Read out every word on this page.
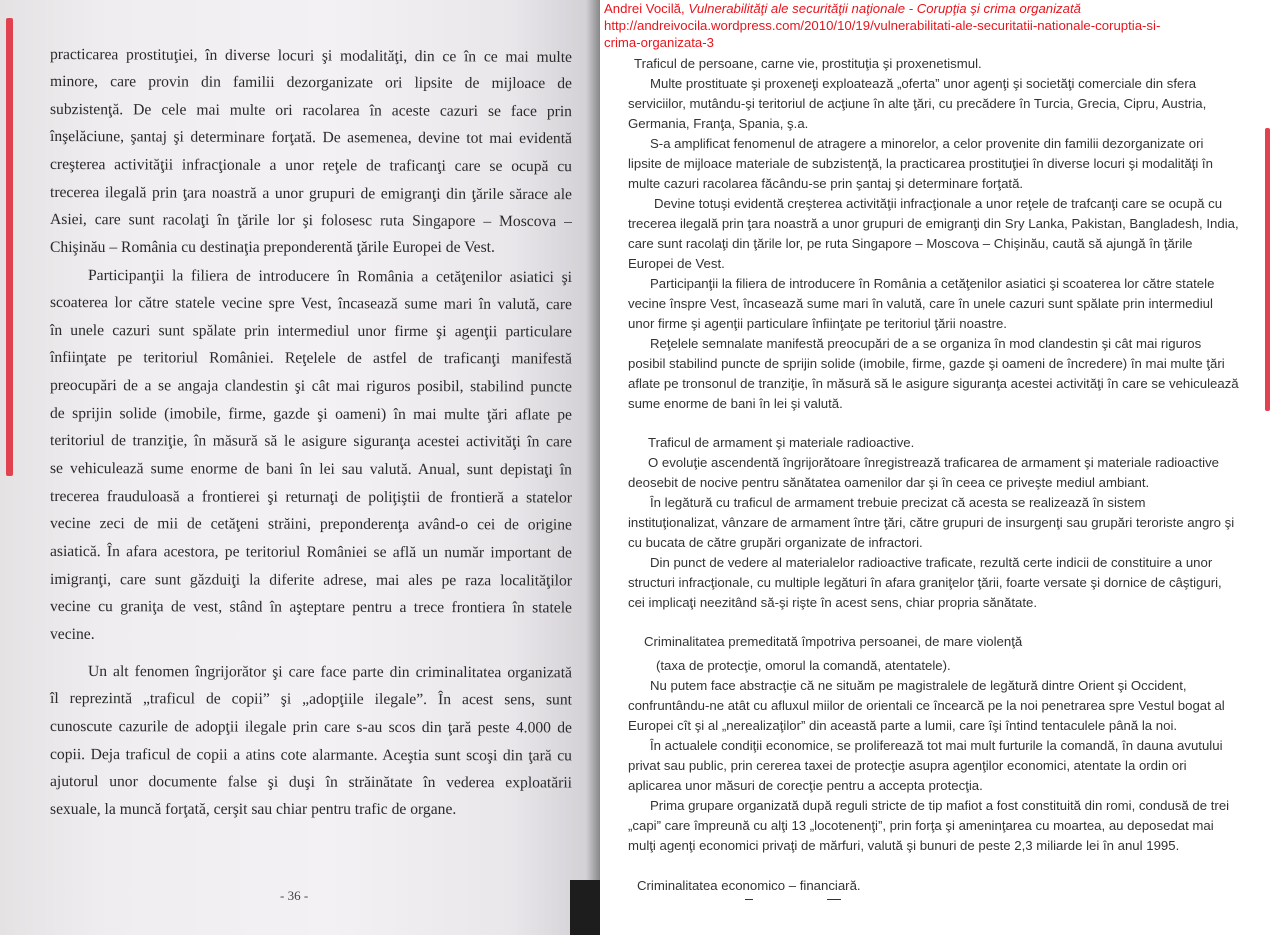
practicarea prostituţiei, în diverse locuri şi modalităţi, din ce în ce mai multe
minore, care provin din familii dezorganizate ori lipsite de mijloace de
subzistenţă. De cele mai multe ori racolarea în aceste cazuri se face prin
înşelăciune, şantaj şi determinare forţată. De asemenea, devine tot mai evidentă
creşterea activităţii infracţionale a unor reţele de traficanţi care se ocupă cu
trecerea ilegală prin ţara noastră a unor grupuri de emigranţi din ţările sărace ale
Asiei, care sunt racolaţi în ţările lor şi folosesc ruta Singapore – Moscova –
Chişinău – România cu destinaţia preponderentă ţările Europei de Vest.
Participanţii la filiera de introducere în România a cetăţenilor asiatici şi
scoaterea lor către statele vecine spre Vest, încasează sume mari în valută, care
în unele cazuri sunt spălate prin intermediul unor firme şi agenţii particulare
înfiinţate pe teritoriul României. Reţelele de astfel de traficanţi manifestă
preocupări de a se angaja clandestin şi cât mai riguros posibil, stabilind puncte
de sprijin solide (imobile, firme, gazde şi oameni) în mai multe ţări aflate pe
teritoriul de tranziţie, în măsură să le asigure siguranţa acestei activităţi în care
se vehiculează sume enorme de bani în lei sau valută. Anual, sunt depistaţi în
trecerea frauduloasă a frontierei şi returnaţi de poliţiştii de frontieră a statelor
vecine zeci de mii de cetăţeni străini, preponderenţa având-o cei de origine
asiatică. În afara acestora, pe teritoriul României se află un număr important de
imigranţi, care sunt găzduiţi la diferite adrese, mai ales pe raza localităţilor
vecine cu graniţa de vest, stând în aşteptare pentru a trece frontiera în statele
vecine.
Un alt fenomen îngrijorător şi care face parte din criminalitatea organizată
îl reprezintă „traficul de copii” şi „adopţiile ilegale”. În acest sens, sunt
cunoscute cazurile de adopţii ilegale prin care s-au scos din ţară peste 4.000 de
copii. Deja traficul de copii a atins cote alarmante. Aceştia sunt scoşi din ţară cu
ajutorul unor documente false şi duşi în străinătate în vederea exploatării
sexuale, la muncă forţată, cerşit sau chiar pentru trafic de organe.
- 36 -
Andrei Vocilă, Vulnerabilităţi ale securităţii naţionale - Corupţia şi crima organizată
http://andreivocila.wordpress.com/2010/10/19/vulnerabilitati-ale-securitatii-nationale-coruptia-si-
crima-organizata-3
Traficul de persoane, carne vie, prostituţia şi proxenetismul.
Multe prostituate şi proxeneţi exploatează „oferta” unor agenţi şi societăţi comerciale din sfera
serviciilor, mutându-şi teritoriul de acţiune în alte ţări, cu precădere în Turcia, Grecia, Cipru, Austria,
Germania, Franţa, Spania, ş.a.
S-a amplificat fenomenul de atragere a minorelor, a celor provenite din familii dezorganizate ori
lipsite de mijloace materiale de subzistenţă, la practicarea prostituţiei în diverse locuri şi modalităţi în
multe cazuri racolarea făcându-se prin şantaj şi determinare forţată.
Devine totuşi evidentă creşterea activităţii infracţionale a unor reţele de trafcanţi care se ocupă cu
trecerea ilegală prin ţara noastră a unor grupuri de emigranţi din Sry Lanka, Pakistan, Bangladesh, India,
care sunt racolaţi din ţările lor, pe ruta Singapore – Moscova – Chişinău, caută să ajungă în ţările
Europei de Vest.
Participanţii la filiera de introducere în România a cetăţenilor asiatici şi scoaterea lor către statele
vecine înspre Vest, încasează sume mari în valută, care în unele cazuri sunt spălate prin intermediul
unor firme şi agenţii particulare înfiinţate pe teritoriul ţării noastre.
Reţelele semnalate manifestă preocupări de a se organiza în mod clandestin şi cât mai riguros
posibil stabilind puncte de sprijin solide (imobile, firme, gazde şi oameni de încredere) în mai multe ţări
aflate pe tronsonul de tranziţie, în măsură să le asigure siguranţa acestei activităţi în care se vehiculează
sume enorme de bani în lei şi valută.
Traficul de armament şi materiale radioactive.
O evoluţie ascendentă îngrijorătoare înregistrează traficarea de armament şi materiale radioactive
deosebit de nocive pentru sănătatea oamenilor dar şi în ceea ce priveşte mediul ambiant.
În legătură cu traficul de armament trebuie precizat că acesta se realizează în sistem
instituţionalizat, vânzare de armament între ţări, către grupuri de insurgenţi sau grupări teroriste angro şi
cu bucata de către grupări organizate de infractori.
Din punct de vedere al materialelor radioactive traficate, rezultă certe indicii de constituire a unor
structuri infracţionale, cu multiple legături în afara graniţelor ţării, foarte versate şi dornice de câştiguri,
cei implicaţi neezitând să-şi rişte în acest sens, chiar propria sănătate.
Criminalitatea premeditată împotriva persoanei, de mare violenţă
(taxa de protecţie, omorul la comandă, atentatele).
Nu putem face abstracţie că ne situăm pe magistralele de legătură dintre Orient şi Occident,
confruntându-ne atât cu afluxul miilor de orientali ce încearcă pe la noi penetrarea spre Vestul bogat al
Europei cît şi al „nerealizaţilor” din această parte a lumii, care îşi întind tentaculele până la noi.
În actualele condiţii economice, se proliferează tot mai mult furturile la comandă, în dauna avutului
privat sau public, prin cererea taxei de protecţie asupra agenţilor economici, atentate la ordin ori
aplicarea unor măsuri de corecţie pentru a accepta protecţia.
Prima grupare organizată după reguli stricte de tip mafiot a fost constituită din romi, condusă de trei
„capi” care împreună cu alţi 13 „locotenenţi”, prin forţa şi ameninţarea cu moartea, au deposedat mai
mulţi agenţi economici privaţi de mărfuri, valută şi bunuri de peste 2,3 miliarde lei în anul 1995.
Criminalitatea economico – financiară.
